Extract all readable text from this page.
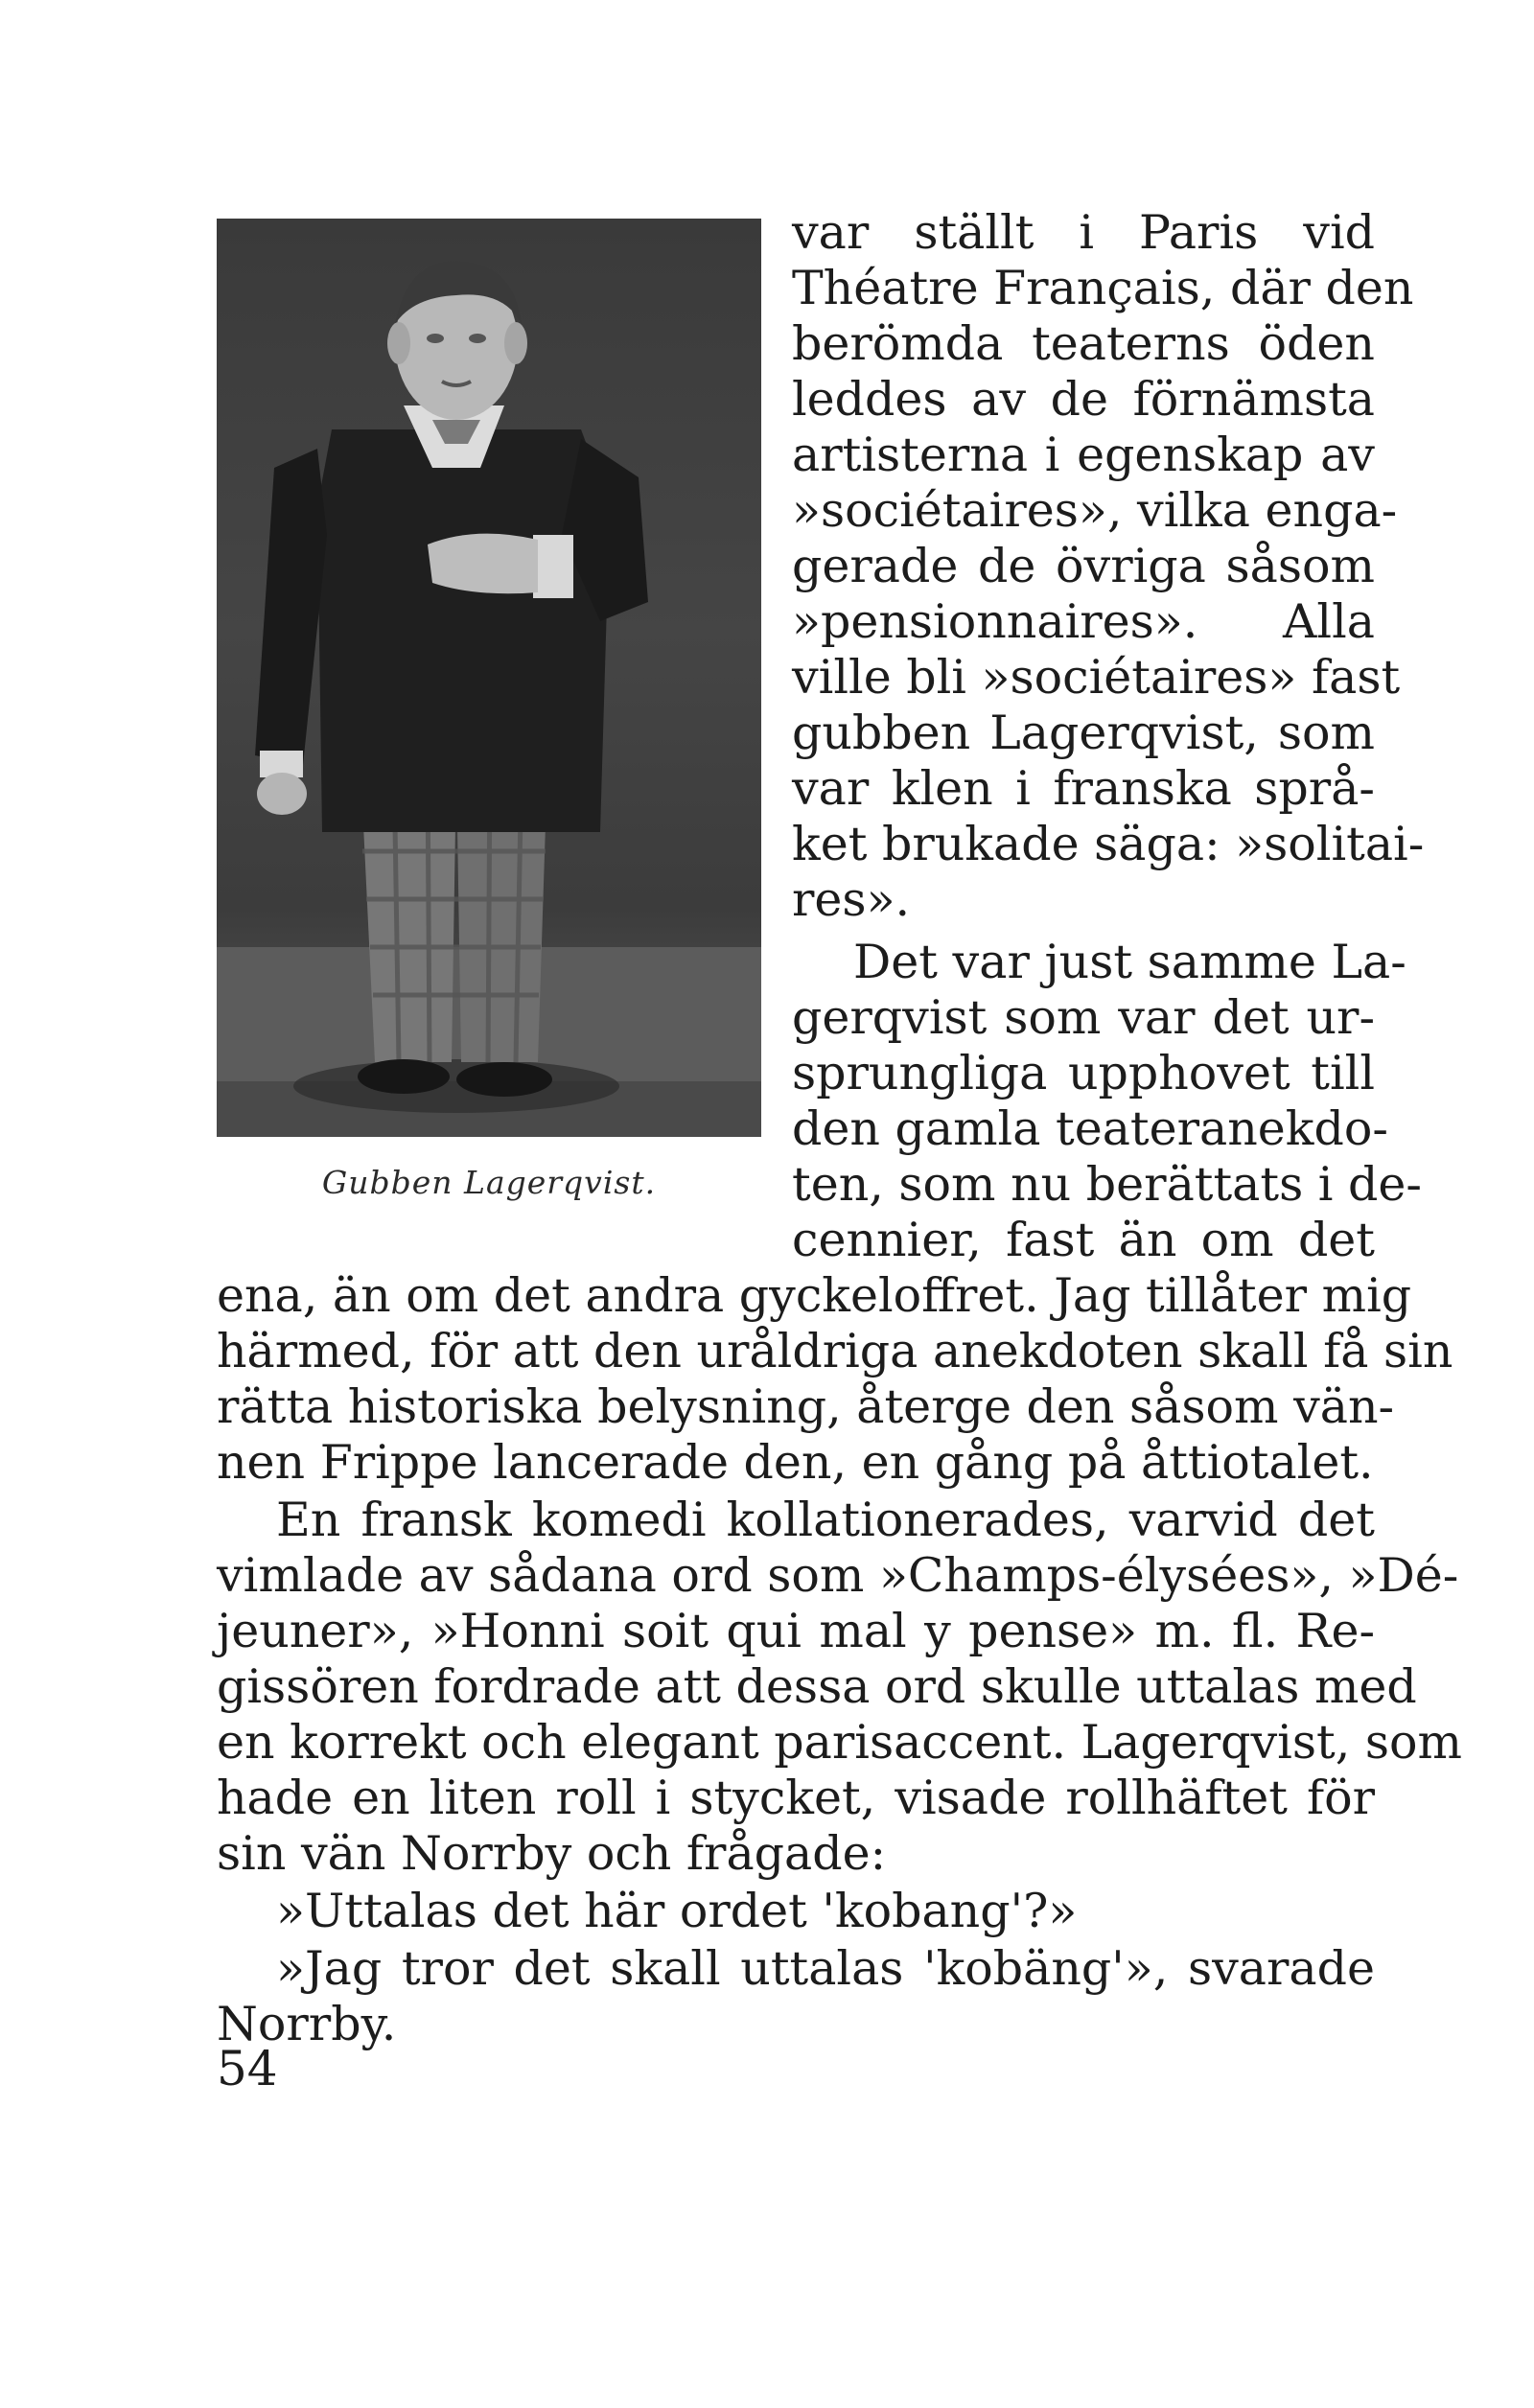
Gubben Lagerqvist.
var ställt i Paris vid
Théatre Français, där den
berömda teaterns öden
leddes av de förnämsta
artisterna i egenskap av
»sociétaires», vilka enga-
gerade de övriga såsom
»pensionnaires». Alla
ville bli »sociétaires» fast
gubben Lagerqvist, som
var klen i franska språ-
ket brukade säga: »solitai-
res».
Det var just samme La-
gerqvist som var det ur-
sprungliga upphovet till
den gamla teateranekdo-
ten, som nu berättats i de-
cennier, fast än om det
ena, än om det andra gyckeloffret. Jag tillåter mig
härmed, för att den uråldriga anekdoten skall få sin
rätta historiska belysning, återge den såsom vän-
nen Frippe lancerade den, en gång på åttiotalet.
En fransk komedi kollationerades, varvid det
vimlade av sådana ord som »Champs-élysées», »Dé-
jeuner», »Honni soit qui mal y pense» m. fl. Re-
gissören fordrade att dessa ord skulle uttalas med
en korrekt och elegant parisaccent. Lagerqvist, som
hade en liten roll i stycket, visade rollhäftet för
sin vän Norrby och frågade:
»Uttalas det här ordet 'kobang'?»
»Jag tror det skall uttalas 'kobäng'», svarade
Norrby.
54
